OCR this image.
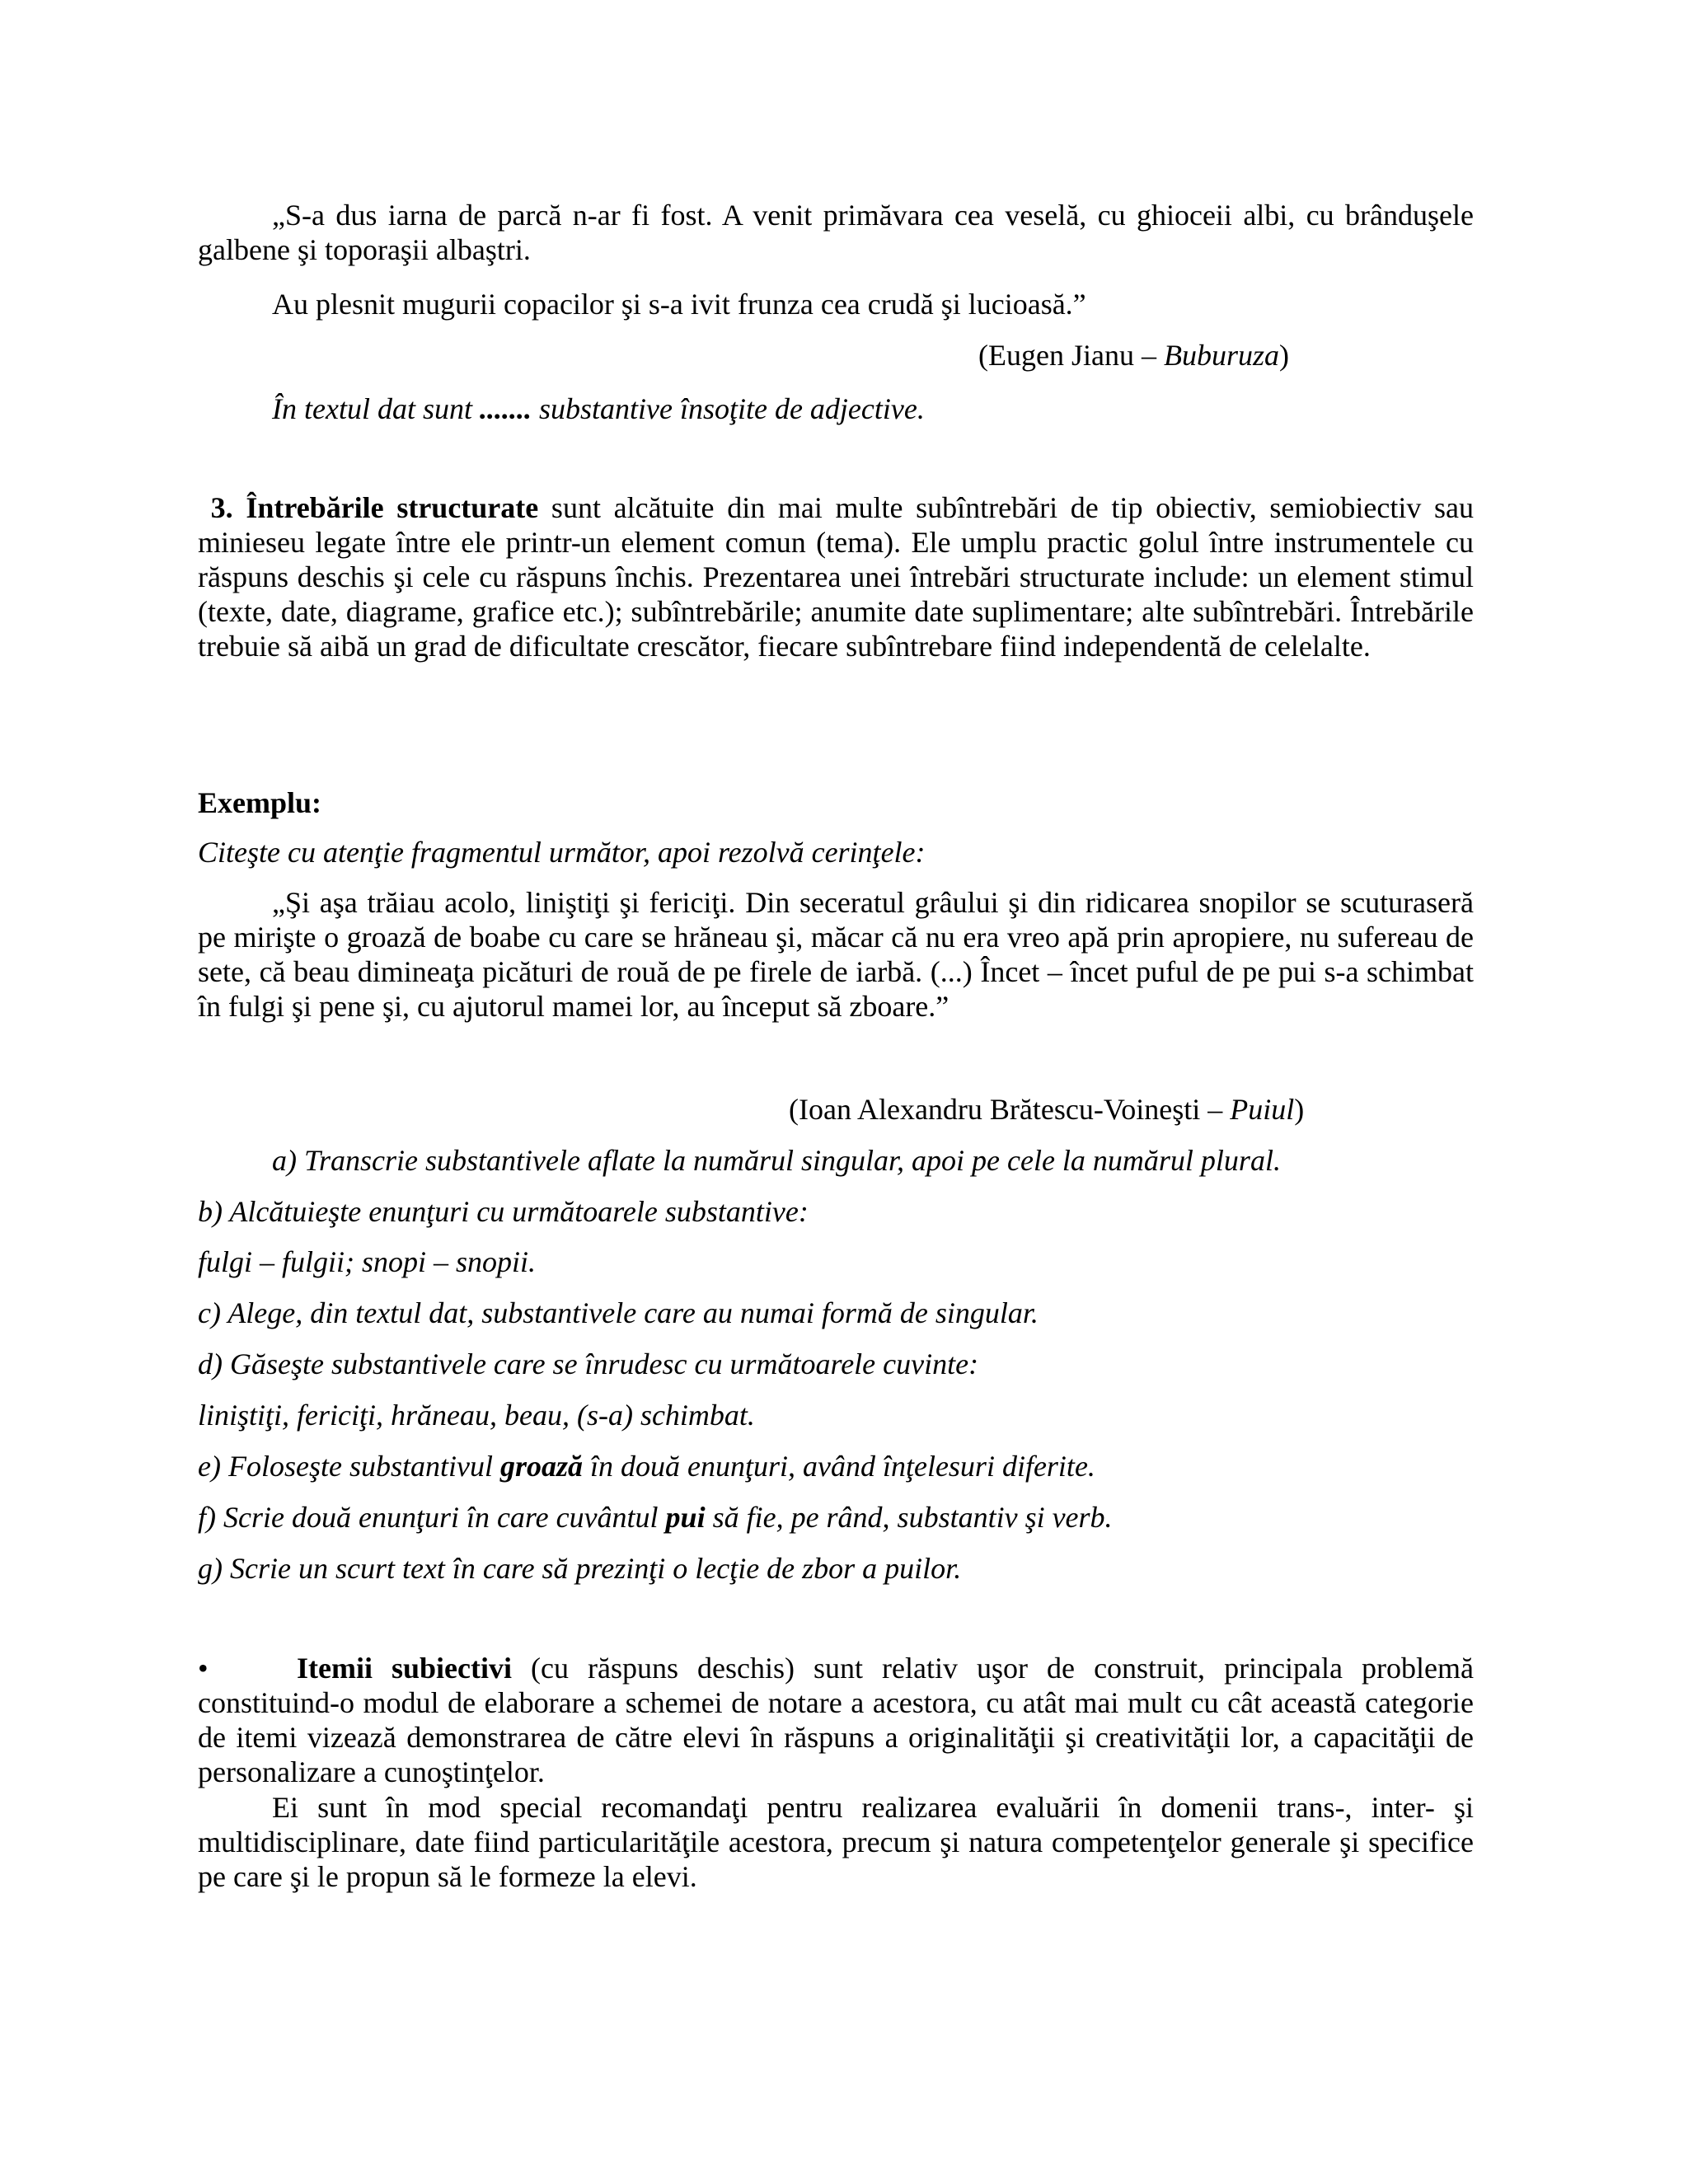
„S-a dus iarna de parcă n-ar fi fost. A venit primăvara cea veselă, cu ghioceii albi, cu brânduşele galbene şi toporaşii albaştri.

Au plesnit mugurii copacilor şi s-a ivit frunza cea crudă şi lucioasă.”

(Eugen Jianu – Buburuza)

În textul dat sunt ....... substantive însoţite de adjective.

3. Întrebările structurate sunt alcătuite din mai multe subîntrebări de tip obiectiv, semiobiectiv sau minieseu legate între ele printr-un element comun (tema). Ele umplu practic golul între instrumentele cu răspuns deschis şi cele cu răspuns închis. Prezentarea unei întrebări structurate include: un element stimul (texte, date, diagrame, grafice etc.); subîntrebările; anumite date suplimentare; alte subîntrebări. Întrebările trebuie să aibă un grad de dificultate crescător, fiecare subîntrebare fiind independentă de celelalte.

Exemplu:

Citeşte cu atenţie fragmentul următor, apoi rezolvă cerinţele:

„Şi aşa trăiau acolo, liniştiţi şi fericiţi. Din seceratul grâului şi din ridicarea snopilor se scuturaseră pe mirişte o groază de boabe cu care se hrăneau şi, măcar că nu era vreo apă prin apropiere, nu sufereau de sete, că beau dimineaţa picături de rouă de pe firele de iarbă. (...) Încet – încet puful de pe pui s-a schimbat în fulgi şi pene şi, cu ajutorul mamei lor, au început să zboare.”

(Ioan Alexandru Brătescu-Voineşti – Puiul)

a) Transcrie substantivele aflate la numărul singular, apoi pe cele la numărul plural.

b) Alcătuieşte enunţuri cu următoarele substantive:

fulgi – fulgii; snopi – snopii.

c) Alege, din textul dat, substantivele care au numai formă de singular.

d) Găseşte substantivele care se înrudesc cu următoarele cuvinte:

liniştiţi, fericiţi, hrăneau, beau, (s-a) schimbat.

e) Foloseşte substantivul groază în două enunţuri, având înţelesuri diferite.

f) Scrie două enunţuri în care cuvântul pui să fie, pe rând, substantiv şi verb.

g) Scrie un scurt text în care să prezinţi o lecţie de zbor a puilor.

•	Itemii subiectivi (cu răspuns deschis) sunt relativ uşor de construit, principala problemă constituind-o modul de elaborare a schemei de notare a acestora, cu atât mai mult cu cât această categorie de itemi vizează demonstrarea de către elevi în răspuns a originalităţii şi creativităţii lor, a capacităţii de personalizare a cunoştinţelor.

Ei sunt în mod special recomandaţi pentru realizarea evaluării în domenii trans-, inter- şi multidisciplinare, date fiind particularităţile acestora, precum şi natura competenţelor generale şi specifice pe care şi le propun să le formeze la elevi.
